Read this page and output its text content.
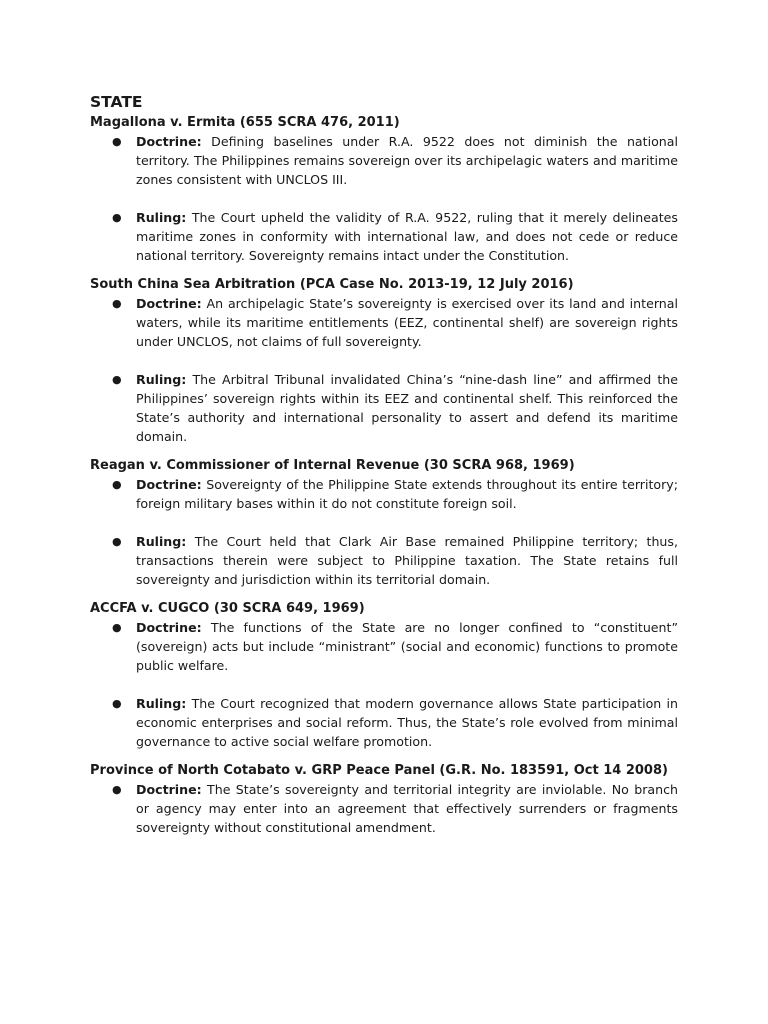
STATE
Magallona v. Ermita (655 SCRA 476, 2011)
● Doctrine: Defining baselines under R.A. 9522 does not diminish the national territory. The Philippines remains sovereign over its archipelagic waters and maritime zones consistent with UNCLOS III.
● Ruling: The Court upheld the validity of R.A. 9522, ruling that it merely delineates maritime zones in conformity with international law, and does not cede or reduce national territory. Sovereignty remains intact under the Constitution.
South China Sea Arbitration (PCA Case No. 2013-19, 12 July 2016)
● Doctrine: An archipelagic State’s sovereignty is exercised over its land and internal waters, while its maritime entitlements (EEZ, continental shelf) are sovereign rights under UNCLOS, not claims of full sovereignty.
● Ruling: The Arbitral Tribunal invalidated China’s “nine-dash line” and affirmed the Philippines’ sovereign rights within its EEZ and continental shelf. This reinforced the State’s authority and international personality to assert and defend its maritime domain.
Reagan v. Commissioner of Internal Revenue (30 SCRA 968, 1969)
● Doctrine: Sovereignty of the Philippine State extends throughout its entire territory; foreign military bases within it do not constitute foreign soil.
● Ruling: The Court held that Clark Air Base remained Philippine territory; thus, transactions therein were subject to Philippine taxation. The State retains full sovereignty and jurisdiction within its territorial domain.
ACCFA v. CUGCO (30 SCRA 649, 1969)
● Doctrine: The functions of the State are no longer confined to “constituent” (sovereign) acts but include “ministrant” (social and economic) functions to promote public welfare.
● Ruling: The Court recognized that modern governance allows State participation in economic enterprises and social reform. Thus, the State’s role evolved from minimal governance to active social welfare promotion.
Province of North Cotabato v. GRP Peace Panel (G.R. No. 183591, Oct 14 2008)
● Doctrine: The State’s sovereignty and territorial integrity are inviolable. No branch or agency may enter into an agreement that effectively surrenders or fragments sovereignty without constitutional amendment.
